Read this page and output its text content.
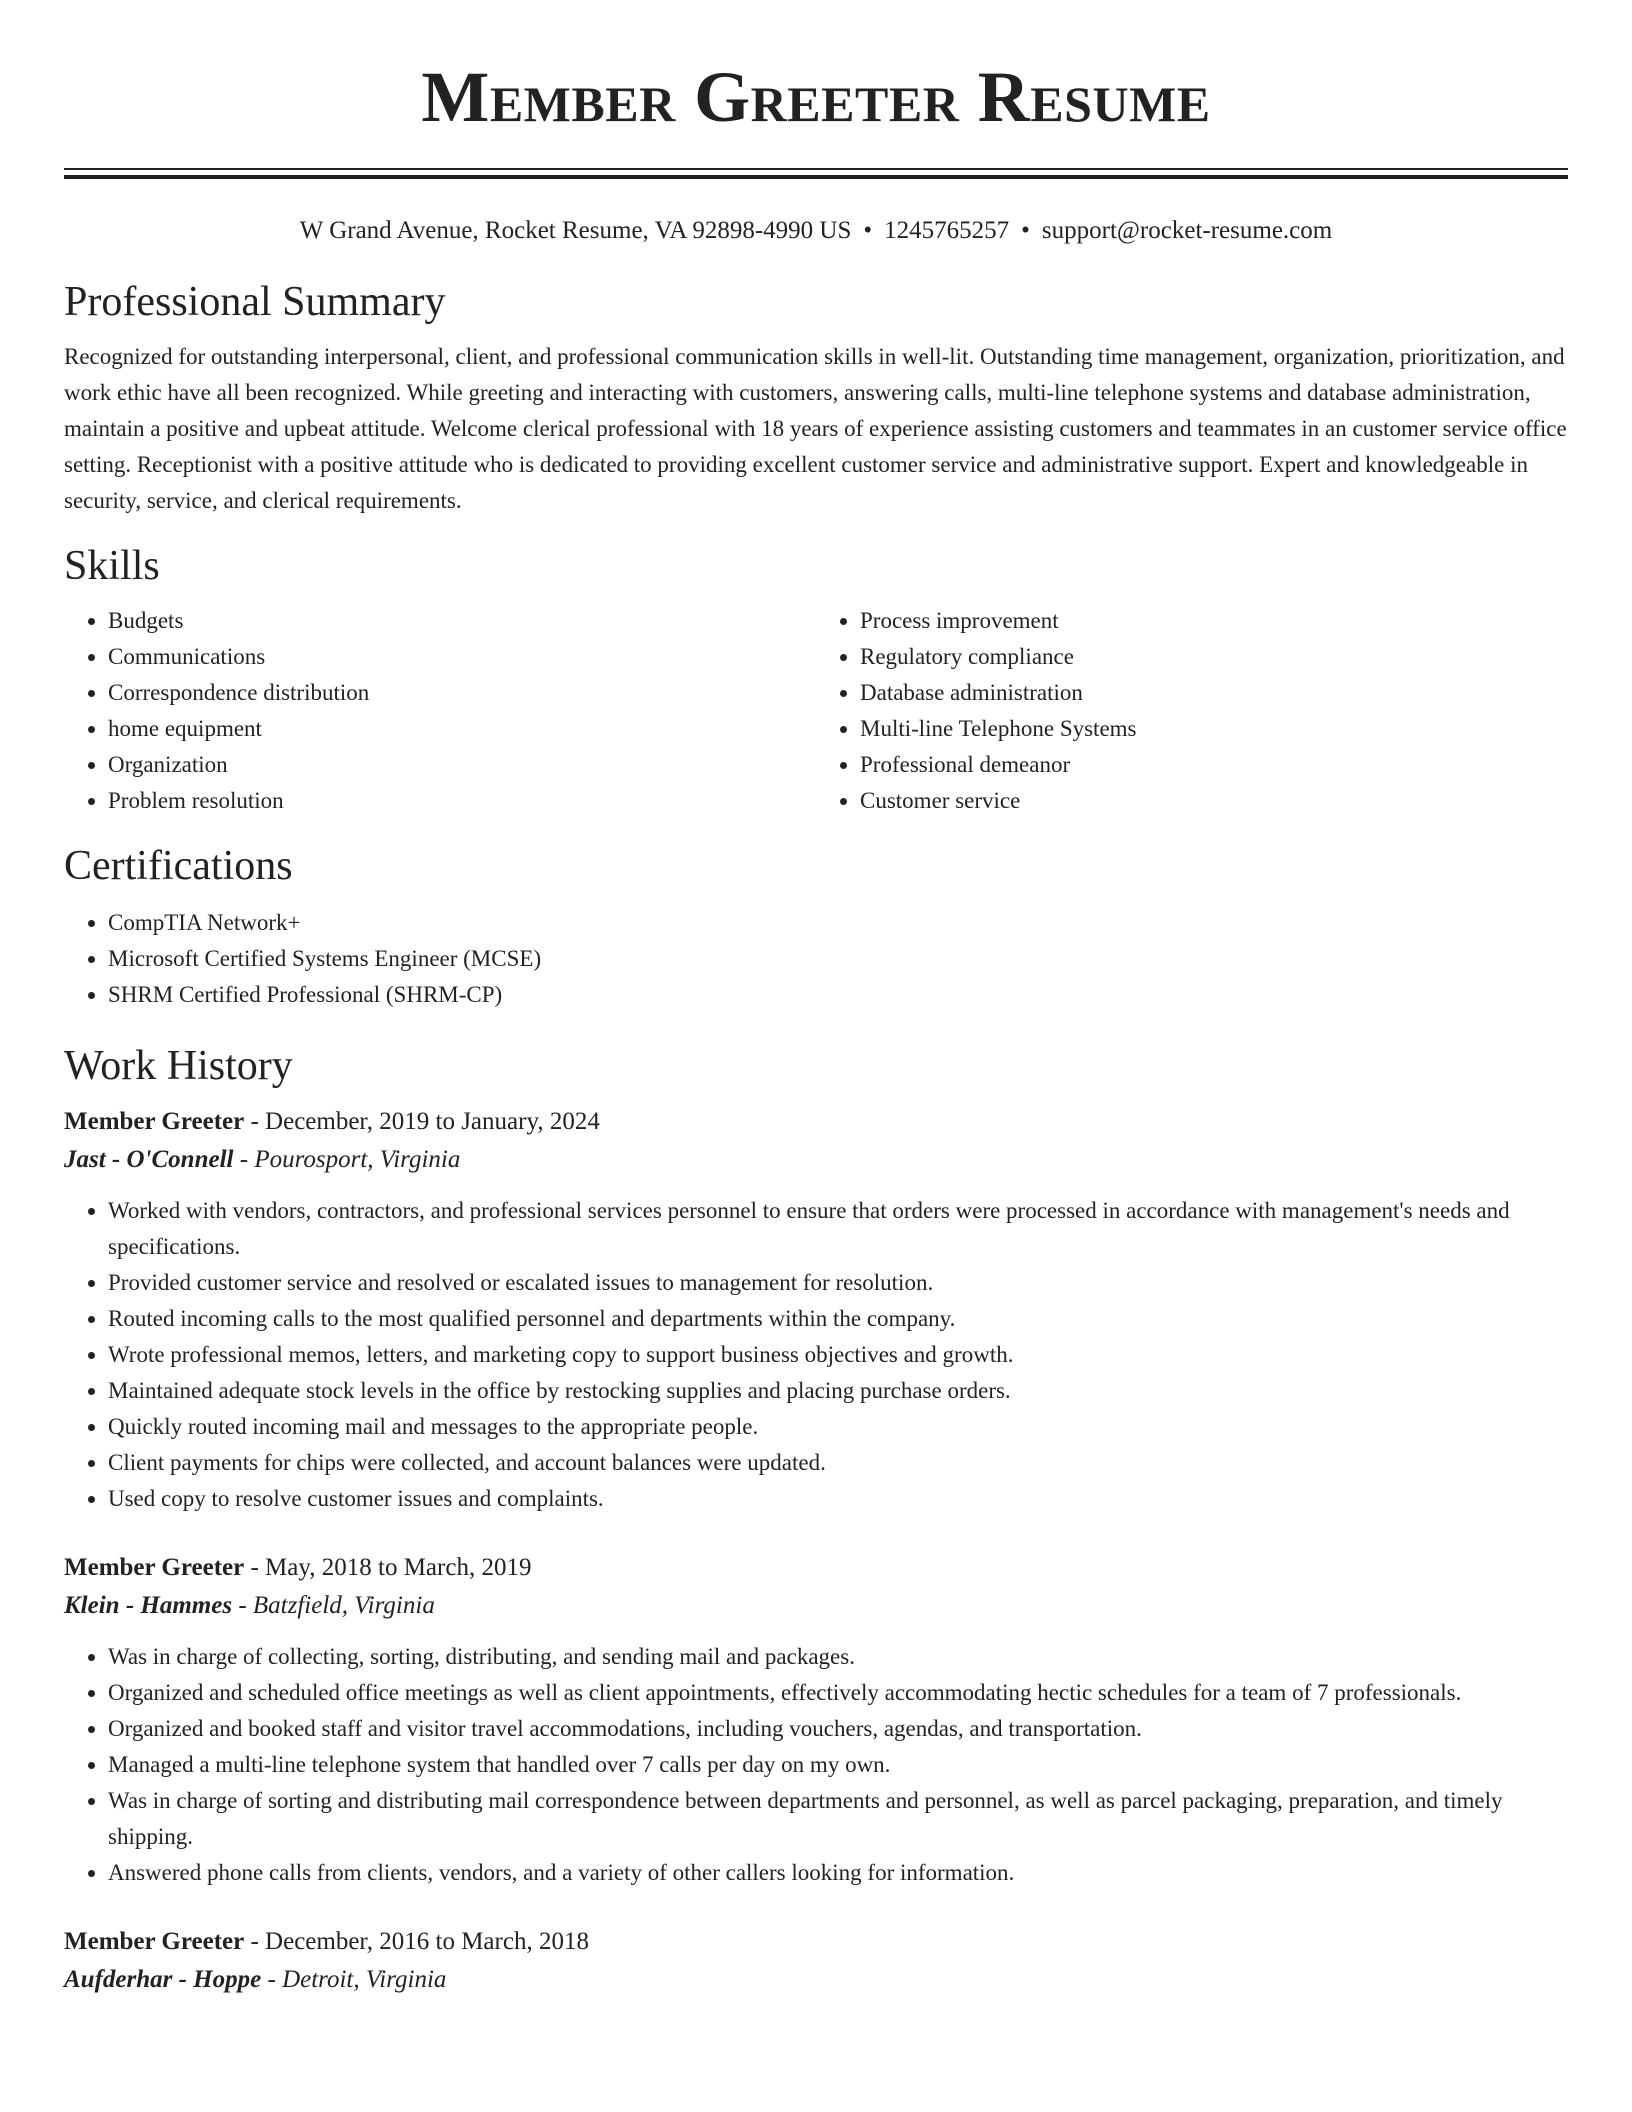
Member Greeter Resume
W Grand Avenue, Rocket Resume, VA 92898-4990 US • 1245765257 • support@rocket-resume.com
Professional Summary

Recognized for outstanding interpersonal, client, and professional communication skills in well-lit. Outstanding time management, organization, prioritization, and work ethic have all been recognized. While greeting and interacting with customers, answering calls, multi-line telephone systems and database administration, maintain a positive and upbeat attitude. Welcome clerical professional with 18 years of experience assisting customers and teammates in an customer service office setting. Receptionist with a positive attitude who is dedicated to providing excellent customer service and administrative support. Expert and knowledgeable in security, service, and clerical requirements.

Skills
• Budgets
• Communications
• Correspondence distribution
• home equipment
• Organization
• Problem resolution
• Process improvement
• Regulatory compliance
• Database administration
• Multi-line Telephone Systems
• Professional demeanor
• Customer service
Certifications
• CompTIA Network+
• Microsoft Certified Systems Engineer (MCSE)
• SHRM Certified Professional (SHRM-CP)
Work History
Member Greeter - December, 2019 to January, 2024
Jast - O'Connell - Pourosport, Virginia
• Worked with vendors, contractors, and professional services personnel to ensure that orders were processed in accordance with management's needs and specifications.
• Provided customer service and resolved or escalated issues to management for resolution.
• Routed incoming calls to the most qualified personnel and departments within the company.
• Wrote professional memos, letters, and marketing copy to support business objectives and growth.
• Maintained adequate stock levels in the office by restocking supplies and placing purchase orders.
• Quickly routed incoming mail and messages to the appropriate people.
• Client payments for chips were collected, and account balances were updated.
• Used copy to resolve customer issues and complaints.
Member Greeter - May, 2018 to March, 2019
Klein - Hammes - Batzfield, Virginia
• Was in charge of collecting, sorting, distributing, and sending mail and packages.
• Organized and scheduled office meetings as well as client appointments, effectively accommodating hectic schedules for a team of 7 professionals.
• Organized and booked staff and visitor travel accommodations, including vouchers, agendas, and transportation.
• Managed a multi-line telephone system that handled over 7 calls per day on my own.
• Was in charge of sorting and distributing mail correspondence between departments and personnel, as well as parcel packaging, preparation, and timely shipping.
• Answered phone calls from clients, vendors, and a variety of other callers looking for information.
Member Greeter - December, 2016 to March, 2018
Aufderhar - Hoppe - Detroit, Virginia
